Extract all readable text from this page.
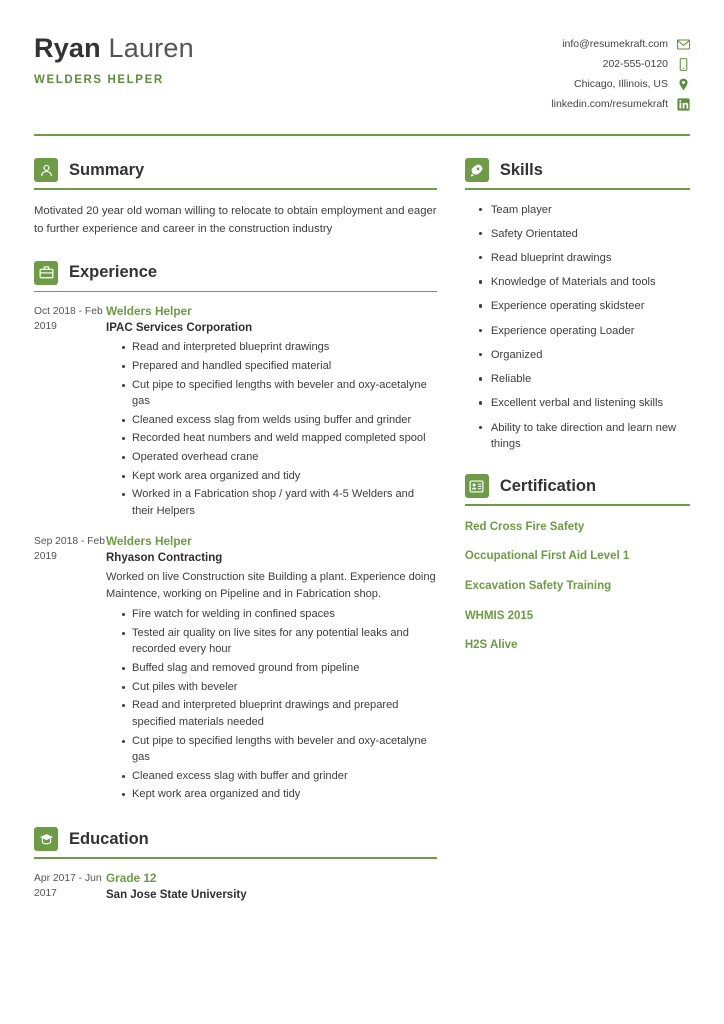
Ryan Lauren
WELDERS HELPER
info@resumekraft.com
202-555-0120
Chicago, Illinois, US
linkedin.com/resumekraft
Summary
Motivated 20 year old woman willing to relocate to obtain employment and eager to further experience and career in the construction industry
Experience
Oct 2018 - Feb 2019
Welders Helper
IPAC Services Corporation
Read and interpreted blueprint drawings
Prepared and handled specified material
Cut pipe to specified lengths with beveler and oxy-acetalyne gas
Cleaned excess slag from welds using buffer and grinder
Recorded heat numbers and weld mapped completed spool
Operated overhead crane
Kept work area organized and tidy
Worked in a Fabrication shop / yard with 4-5 Welders and their Helpers
Sep 2018 - Feb 2019
Welders Helper
Rhyason Contracting
Worked on live Construction site Building a plant. Experience doing Maintence, working on Pipeline and in Fabrication shop.
Fire watch for welding in confined spaces
Tested air quality on live sites for any potential leaks and recorded every hour
Buffed slag and removed ground from pipeline
Cut piles with beveler
Read and interpreted blueprint drawings and prepared specified materials needed
Cut pipe to specified lengths with beveler and oxy-acetalyne gas
Cleaned excess slag with buffer and grinder
Kept work area organized and tidy
Education
Apr 2017 - Jun 2017
Grade 12
San Jose State University
Skills
Team player
Safety Orientated
Read blueprint drawings
Knowledge of Materials and tools
Experience operating skidsteer
Experience operating Loader
Organized
Reliable
Excellent verbal and listening skills
Ability to take direction and learn new things
Certification
Red Cross Fire Safety
Occupational First Aid Level 1
Excavation Safety Training
WHMIS 2015
H2S Alive
